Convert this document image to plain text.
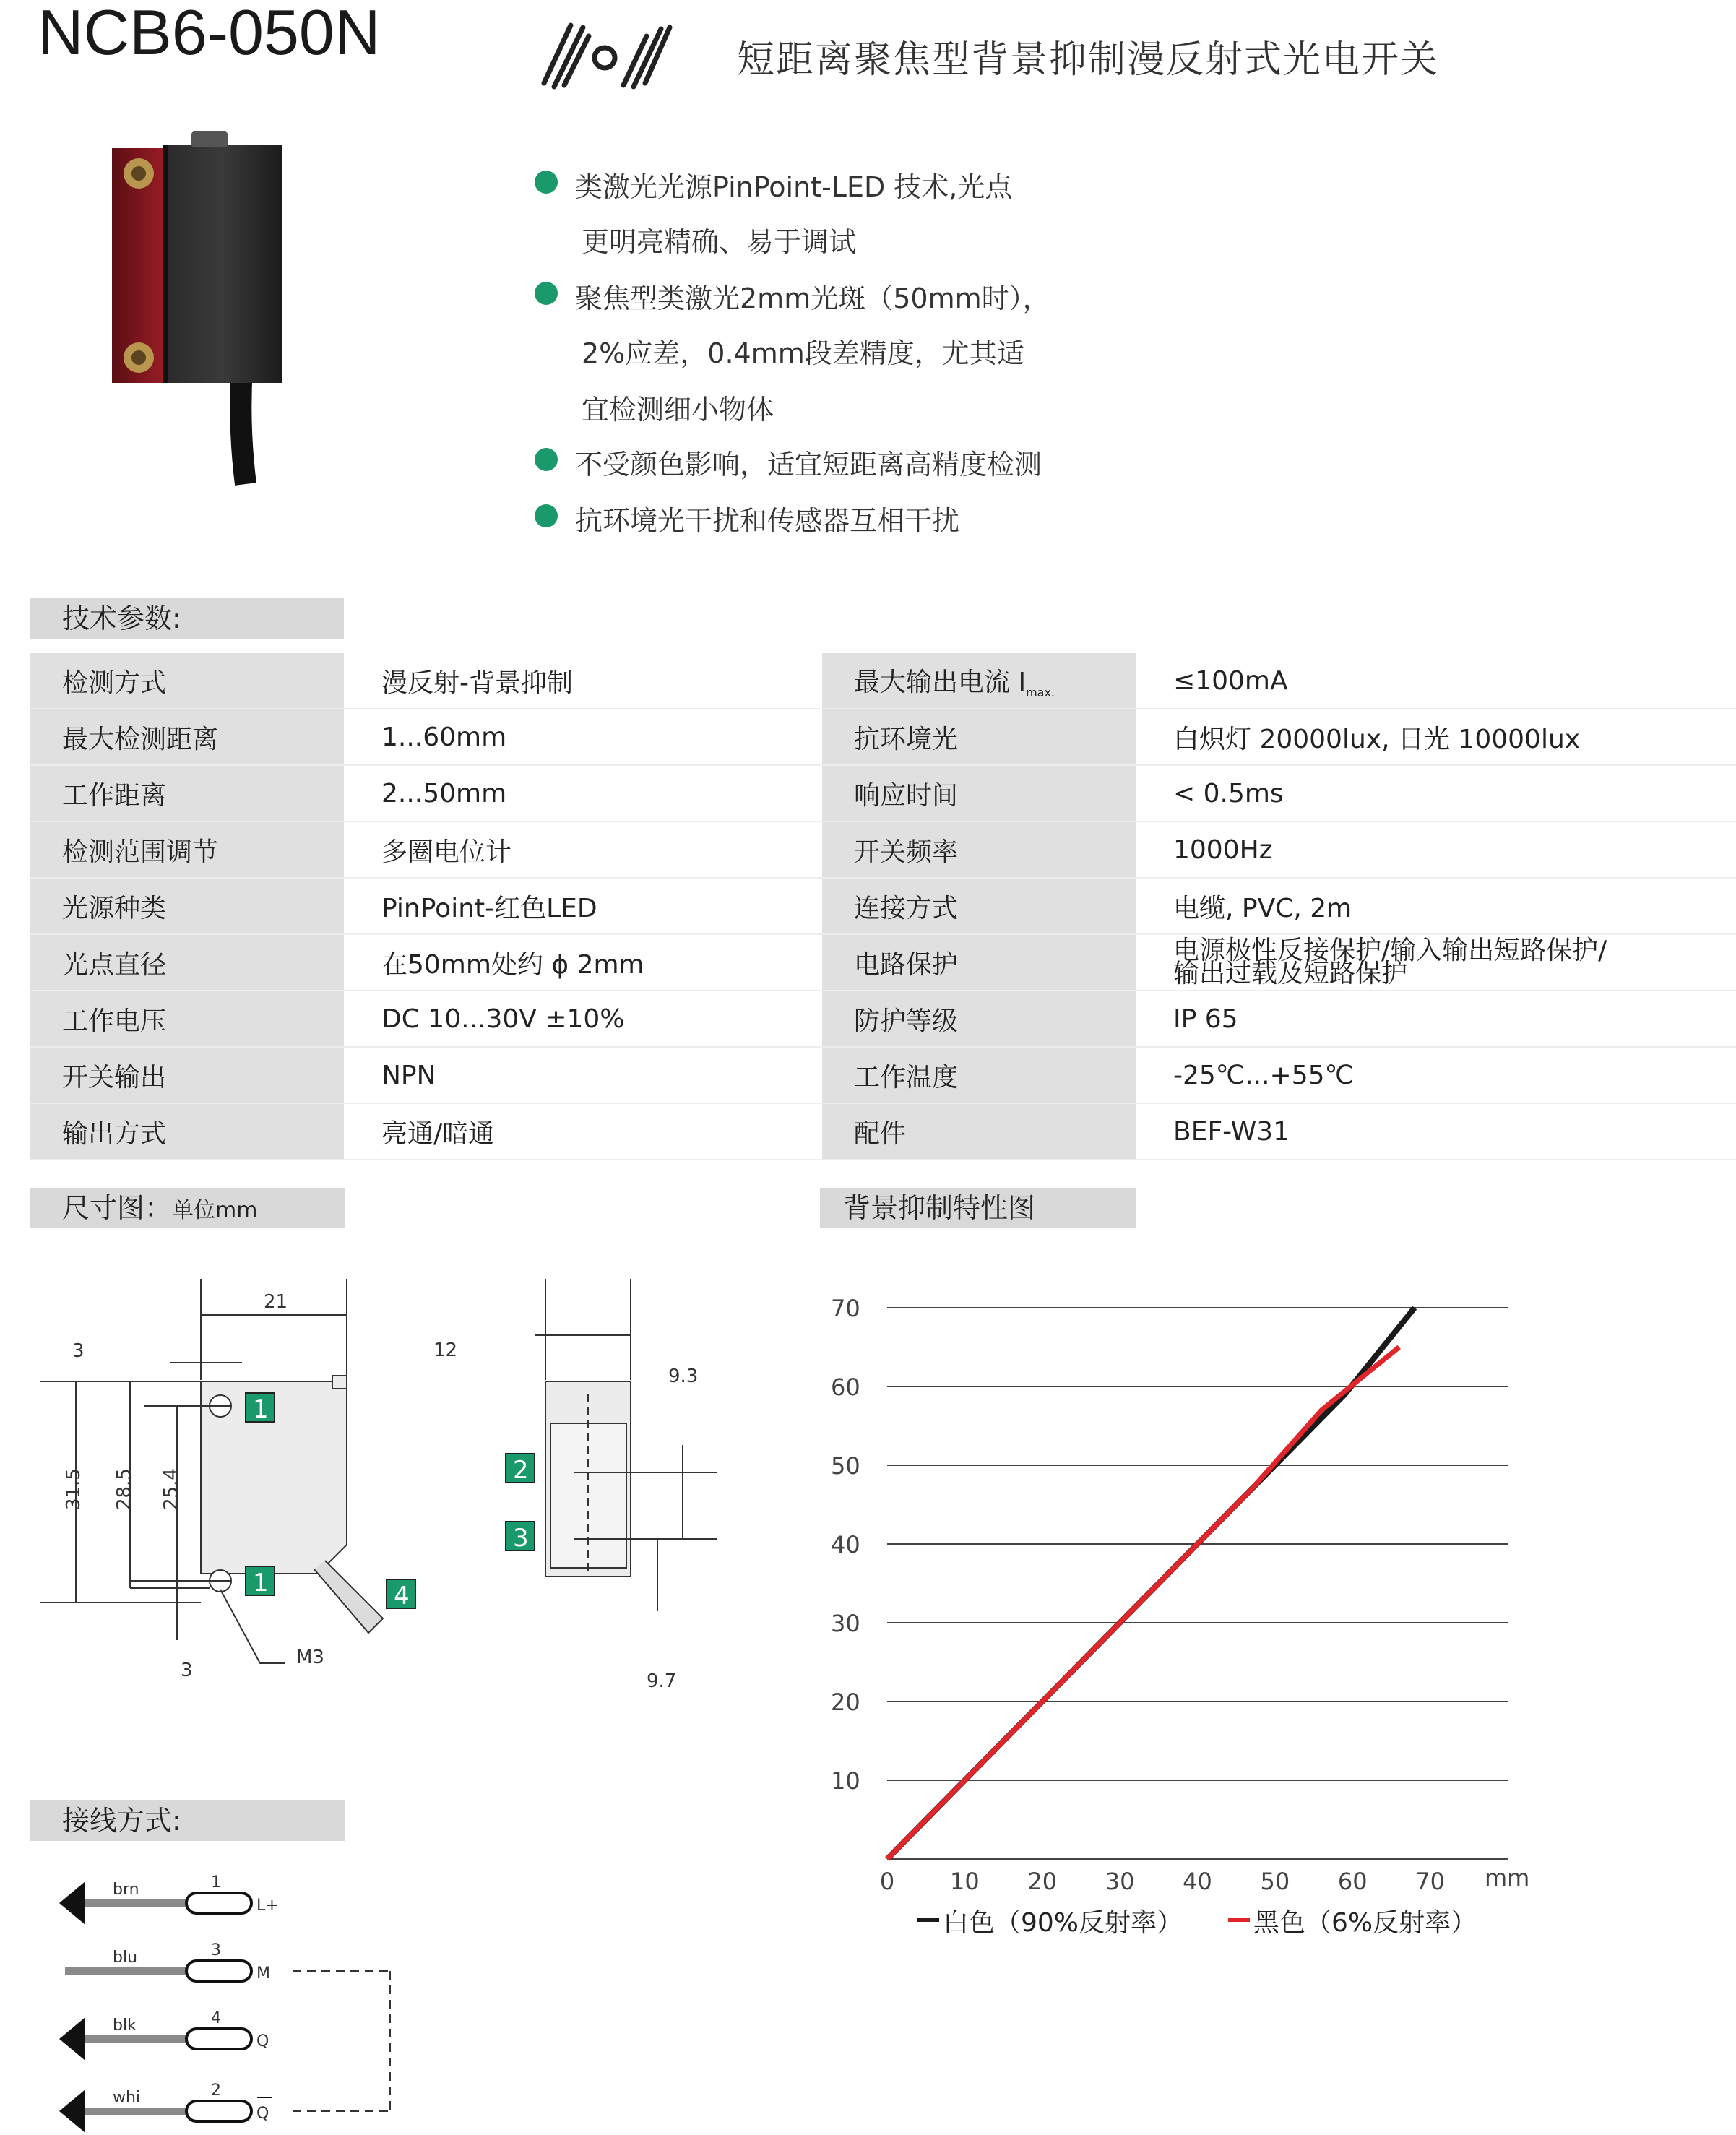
NCB6-050N	短距离聚焦型背景抑制漫反射式光电开关
类激光光源PinPoint-LED 技术,光点
更明亮精确、易于调试
聚焦型类激光2mm光斑（50mm时），
2%应差，0.4mm段差精度，尤其适
宜检测细小物体
不受颜色影响，适宜短距离高精度检测
抗环境光干扰和传感器互相干扰
技术参数:
检测方式	漫反射-背景抑制		最大输出电流 $I_{max.}$	≤100mA
最大检测距离	1...60mm		抗环境光	白炽灯 20000lux, 日光 10000lux
工作距离	2...50mm		响应时间	< 0.5ms
检测范围调节	多圈电位计		开关频率	1000Hz
光源种类	PinPoint-红色LED		连接方式	电缆, PVC, 2m
光点直径	在50mm处约 ϕ 2mm		电路保护	电源极性反接保护/输入输出短路保护/
输出过载及短路保护

工作电压	DC 10...30V ±10%		防护等级	IP 65
开关输出	NPN		工作温度	-25℃...+55℃
输出方式	亮通/暗通		配件	BEF-W31
尺寸图：单位mm
21
3
31.5 28.5 25.4
3
M3
12
9.3
9.7
1
1
2
3
4
接线方式:
brn	1
L+
blu	3
M
blk	4
Q
whi	2
Q
背景抑制特性图
10
20
30
40
50
60
70
0 10 20 30 40 50 60 70 mm
白色（90%反射率）	黑色（6%反射率）
